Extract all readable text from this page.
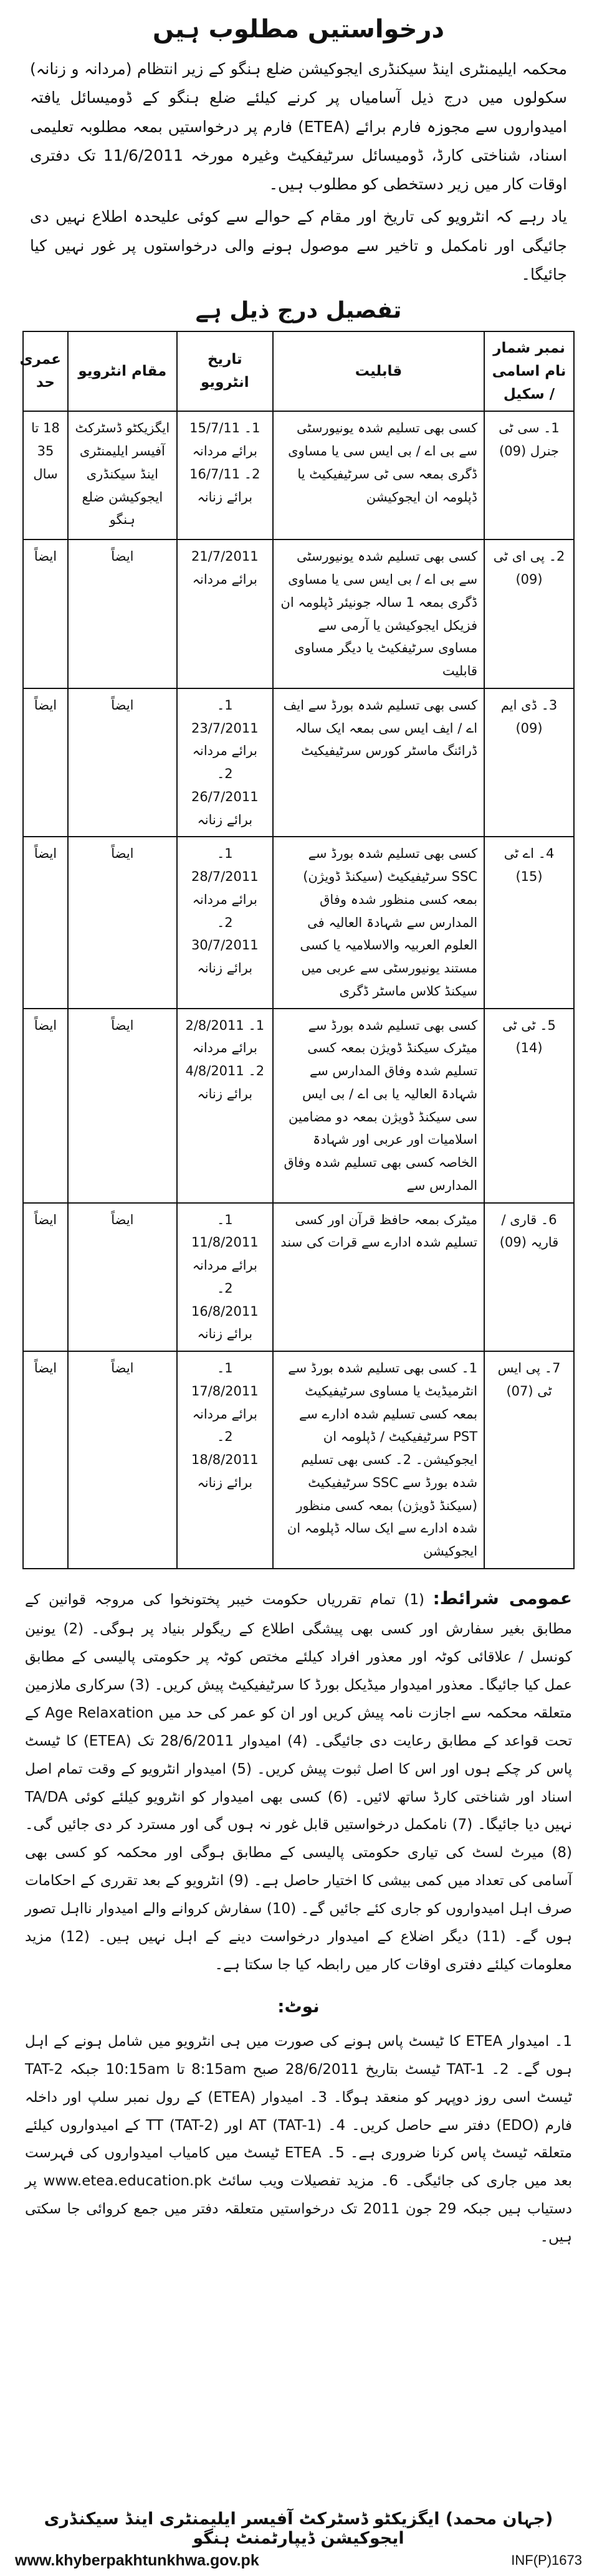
درخواستیں مطلوب ہیں

محکمہ ایلیمنٹری اینڈ سیکنڈری ایجوکیشن ضلع ہنگو کے زیر انتظام (مردانہ و زنانہ) سکولوں میں درج ذیل آسامیاں پر کرنے کیلئے ضلع ہنگو کے ڈومیسائل یافتہ امیدواروں سے مجوزہ فارم برائے (ETEA) فارم پر درخواستیں بمعہ مطلوبہ تعلیمی اسناد، شناختی کارڈ، ڈومیسائل سرٹیفکیٹ وغیرہ مورخہ 11/6/2011 تک دفتری اوقات کار میں زیر دستخطی کو مطلوب ہیں۔

یاد رہے کہ انٹرویو کی تاریخ اور مقام کے حوالے سے کوئی علیحدہ اطلاع نہیں دی جائیگی اور نامکمل و تاخیر سے موصول ہونے والی درخواستوں پر غور نہیں کیا جائیگا۔

تفصیل درج ذیل ہے
نمبر شمار نام اسامی / سکیل	قابلیت	تاریخ انٹرویو	مقام انٹرویو	عمری حد
1۔ سی ٹی جنرل (09)	کسی بھی تسلیم شدہ یونیورسٹی سے بی اے / بی ایس سی یا مساوی ڈگری بمعہ سی ٹی سرٹیفیکیٹ یا ڈپلومہ ان ایجوکیشن	1۔ 15/7/11 برائے مردانہ 2۔ 16/7/11 برائے زنانہ	ایگزیکٹو ڈسٹرکٹ آفیسر ایلیمنٹری اینڈ سیکنڈری ایجوکیشن ضلع ہنگو	18 تا 35 سال
2۔ پی ای ٹی (09)	کسی بھی تسلیم شدہ یونیورسٹی سے بی اے / بی ایس سی یا مساوی ڈگری بمعہ 1 سالہ جونیئر ڈپلومہ ان فزیکل ایجوکیشن یا آرمی سے مساوی سرٹیفکیٹ یا دیگر مساوی قابلیت	21/7/2011 برائے مردانہ	ایضاً	ایضاً
3۔ ڈی ایم (09)	کسی بھی تسلیم شدہ بورڈ سے ایف اے / ایف ایس سی بمعہ ایک سالہ ڈرائنگ ماسٹر کورس سرٹیفیکیٹ	1۔ 23/7/2011 برائے مردانہ 2۔ 26/7/2011 برائے زنانہ	ایضاً	ایضاً
4۔ اے ٹی (15)	کسی بھی تسلیم شدہ بورڈ سے SSC سرٹیفیکیٹ (سیکنڈ ڈویژن) بمعہ کسی منظور شدہ وفاق المدارس سے شہادۃ العالیہ فی العلوم العربیہ والاسلامیہ یا کسی مستند یونیورسٹی سے عربی میں سیکنڈ کلاس ماسٹر ڈگری	1۔ 28/7/2011 برائے مردانہ 2۔ 30/7/2011 برائے زنانہ	ایضاً	ایضاً
5۔ ٹی ٹی (14)	کسی بھی تسلیم شدہ بورڈ سے میٹرک سیکنڈ ڈویژن بمعہ کسی تسلیم شدہ وفاق المدارس سے شہادۃ العالیہ یا بی اے / بی ایس سی سیکنڈ ڈویژن بمعہ دو مضامین اسلامیات اور عربی اور شہادۃ الخاصہ کسی بھی تسلیم شدہ وفاق المدارس سے	1۔ 2/8/2011 برائے مردانہ 2۔ 4/8/2011 برائے زنانہ	ایضاً	ایضاً
6۔ قاری / قاریہ (09)	میٹرک بمعہ حافظ قرآن اور کسی تسلیم شدہ ادارے سے قرات کی سند	1۔ 11/8/2011 برائے مردانہ 2۔ 16/8/2011 برائے زنانہ	ایضاً	ایضاً
7۔ پی ایس ٹی (07)	1۔ کسی بھی تسلیم شدہ بورڈ سے انٹرمیڈیٹ یا مساوی سرٹیفیکیٹ بمعہ کسی تسلیم شدہ ادارے سے PST سرٹیفیکیٹ / ڈپلومہ ان ایجوکیشن۔ 2۔ کسی بھی تسلیم شدہ بورڈ سے SSC سرٹیفیکیٹ (سیکنڈ ڈویژن) بمعہ کسی منظور شدہ ادارے سے ایک سالہ ڈپلومہ ان ایجوکیشن	1۔ 17/8/2011 برائے مردانہ 2۔ 18/8/2011 برائے زنانہ	ایضاً	ایضاً
عمومی شرائط: (1) تمام تقرریاں حکومت خیبر پختونخوا کی مروجہ قوانین کے مطابق بغیر سفارش اور کسی بھی پیشگی اطلاع کے ریگولر بنیاد پر ہوگی۔ (2) یونین کونسل / علاقائی کوٹہ اور معذور افراد کیلئے مختص کوٹہ پر حکومتی پالیسی کے مطابق عمل کیا جائیگا۔ معذور امیدوار میڈیکل بورڈ کا سرٹیفیکیٹ پیش کریں۔ (3) سرکاری ملازمین متعلقہ محکمہ سے اجازت نامہ پیش کریں اور ان کو عمر کی حد میں Age Relaxation کے تحت قواعد کے مطابق رعایت دی جائیگی۔ (4) امیدوار 28/6/2011 تک (ETEA) کا ٹیسٹ پاس کر چکے ہوں اور اس کا اصل ثبوت پیش کریں۔ (5) امیدوار انٹرویو کے وقت تمام اصل اسناد اور شناختی کارڈ ساتھ لائیں۔ (6) کسی بھی امیدوار کو انٹرویو کیلئے کوئی TA/DA نہیں دیا جائیگا۔ (7) نامکمل درخواستیں قابل غور نہ ہوں گی اور مسترد کر دی جائیں گی۔ (8) میرٹ لسٹ کی تیاری حکومتی پالیسی کے مطابق ہوگی اور محکمہ کو کسی بھی آسامی کی تعداد میں کمی بیشی کا اختیار حاصل ہے۔ (9) انٹرویو کے بعد تقرری کے احکامات صرف اہل امیدواروں کو جاری کئے جائیں گے۔ (10) سفارش کروانے والے امیدوار نااہل تصور ہوں گے۔ (11) دیگر اضلاع کے امیدوار درخواست دینے کے اہل نہیں ہیں۔ (12) مزید معلومات کیلئے دفتری اوقات کار میں رابطہ کیا جا سکتا ہے۔
نوٹ:
1۔ امیدوار ETEA کا ٹیسٹ پاس ہونے کی صورت میں ہی انٹرویو میں شامل ہونے کے اہل ہوں گے۔ 2۔ TAT-1 ٹیسٹ بتاریخ 28/6/2011 صبح 8:15am تا 10:15am جبکہ TAT-2 ٹیسٹ اسی روز دوپہر کو منعقد ہوگا۔ 3۔ امیدوار (ETEA) کے رول نمبر سلپ اور داخلہ فارم (EDO) دفتر سے حاصل کریں۔ 4۔ AT (TAT-1) اور TT (TAT-2) کے امیدواروں کیلئے متعلقہ ٹیسٹ پاس کرنا ضروری ہے۔ 5۔ ETEA ٹیسٹ میں کامیاب امیدواروں کی فہرست بعد میں جاری کی جائیگی۔ 6۔ مزید تفصیلات ویب سائٹ www.etea.education.pk پر دستیاب ہیں جبکہ 29 جون 2011 تک درخواستیں متعلقہ دفتر میں جمع کروائی جا سکتی ہیں۔
(جہان محمد) ایگزیکٹو ڈسٹرکٹ آفیسر ایلیمنٹری اینڈ سیکنڈری ایجوکیشن ڈیپارٹمنٹ ہنگو
www.khyberpakhtunkhwa.gov.pk	INF(P)1673
